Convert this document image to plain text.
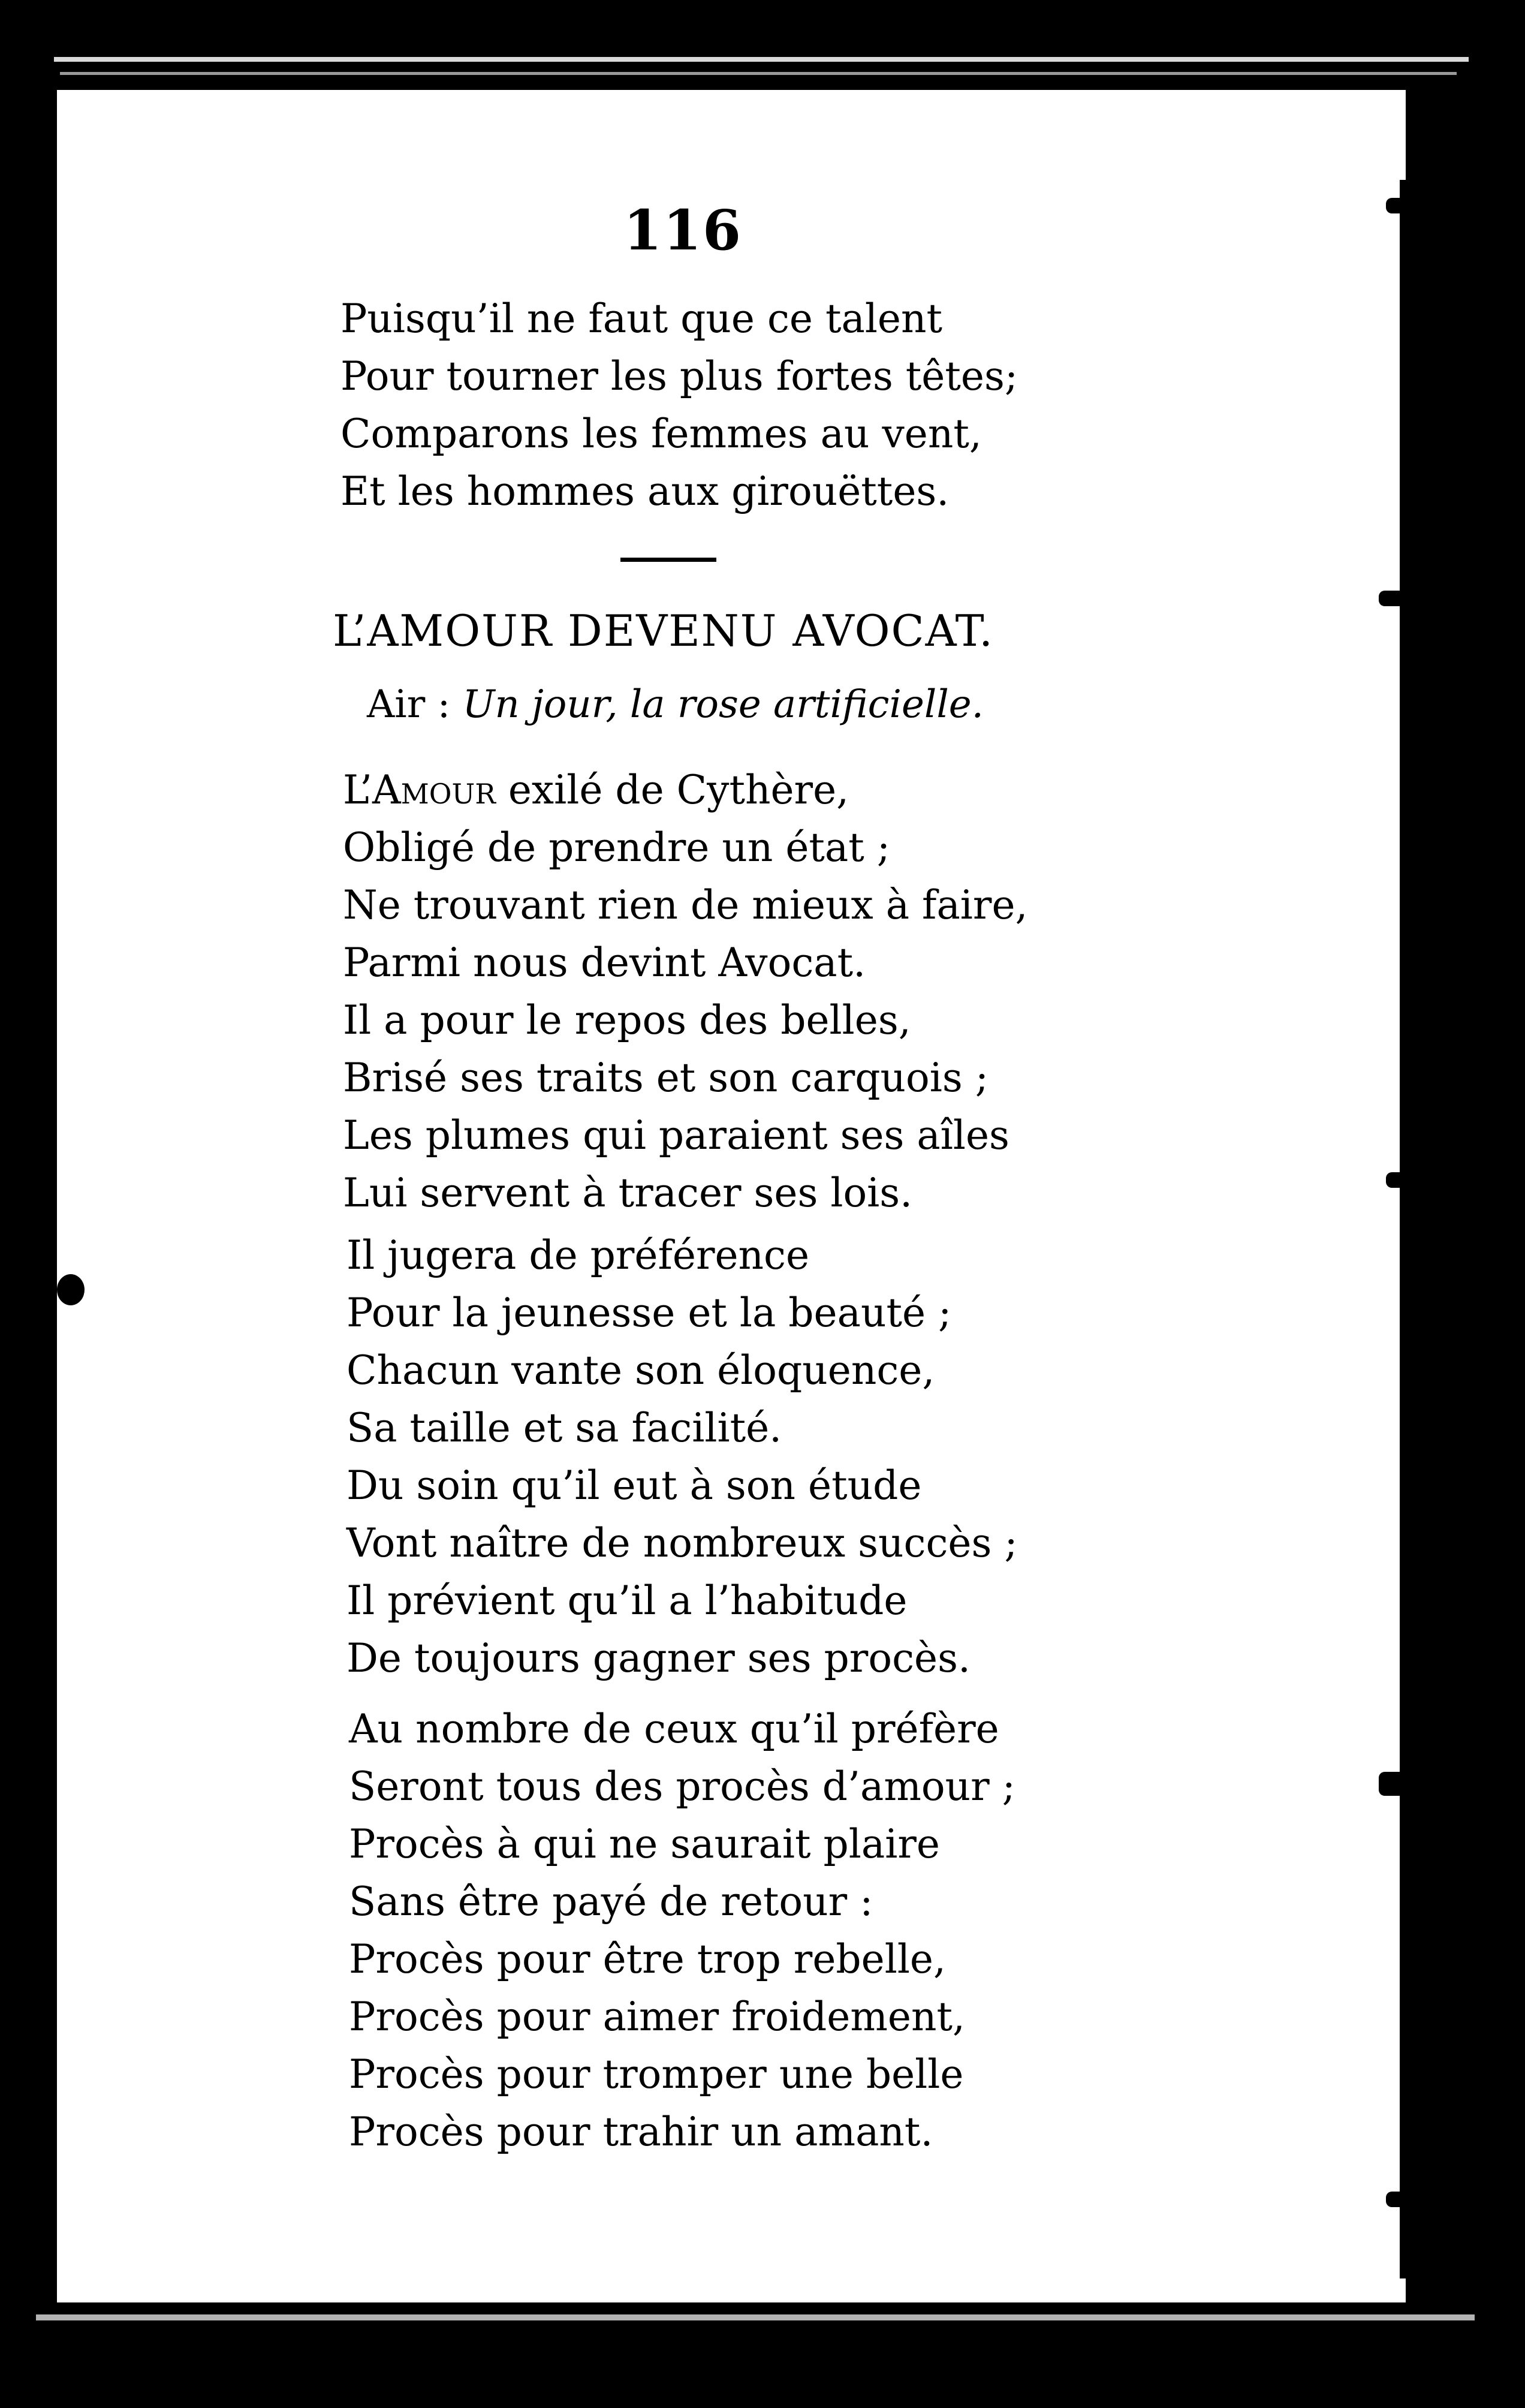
116
Puisqu’il ne faut que ce talent
Pour tourner les plus fortes têtes;
Comparons les femmes au vent,
Et les hommes aux girouëttes.
L’AMOUR DEVENU AVOCAT.
Air : Un jour, la rose artificielle.
L’Amour exilé de Cythère,
Obligé de prendre un état ;
Ne trouvant rien de mieux à faire,
Parmi nous devint Avocat.
Il a pour le repos des belles,
Brisé ses traits et son carquois ;
Les plumes qui paraient ses aîles
Lui servent à tracer ses lois.
Il jugera de préférence
Pour la jeunesse et la beauté ;
Chacun vante son éloquence,
Sa taille et sa facilité.
Du soin qu’il eut à son étude
Vont naître de nombreux succès ;
Il prévient qu’il a l’habitude
De toujours gagner ses procès.
Au nombre de ceux qu’il préfère
Seront tous des procès d’amour ;
Procès à qui ne saurait plaire
Sans être payé de retour :
Procès pour être trop rebelle,
Procès pour aimer froidement,
Procès pour tromper une belle
Procès pour trahir un amant.
